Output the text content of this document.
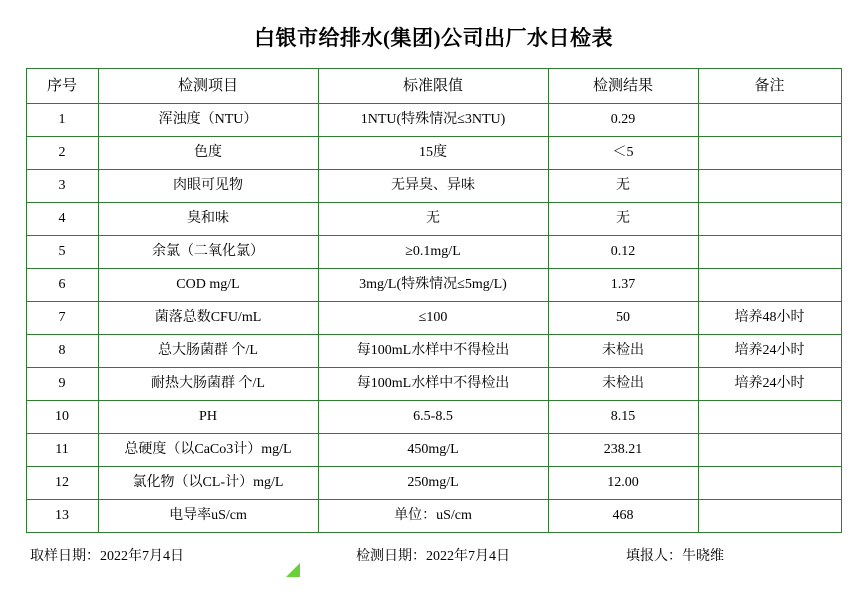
白银市给排水(集团)公司出厂水日检表
序号	检测项目	标准限值	检测结果	备注
1	浑浊度（NTU）	1NTU(特殊情况≤3NTU)	0.29	
2	色度	15度	＜5	
3	肉眼可见物	无异臭、异味	无	
4	臭和味	无	无	
5	余氯（二氧化氯）	≥0.1mg/L	0.12	
6	COD mg/L	3mg/L(特殊情况≤5mg/L)	1.37	
7	菌落总数CFU/mL	≤100	50	培养48小时
8	总大肠菌群 个/L	每100mL水样中不得检出	未检出	培养24小时
9	耐热大肠菌群 个/L	每100mL水样中不得检出	未检出	培养24小时
10	PH	6.5-8.5	8.15	
11	总硬度（以CaCo3计）mg/L	450mg/L	238.21	
12	氯化物（以CL-计）mg/L	250mg/L	12.00	
13	电导率uS/cm	单位：uS/cm	468	
取样日期：2022年7月4日	检测日期：2022年7月4日	填报人：牛晓维
